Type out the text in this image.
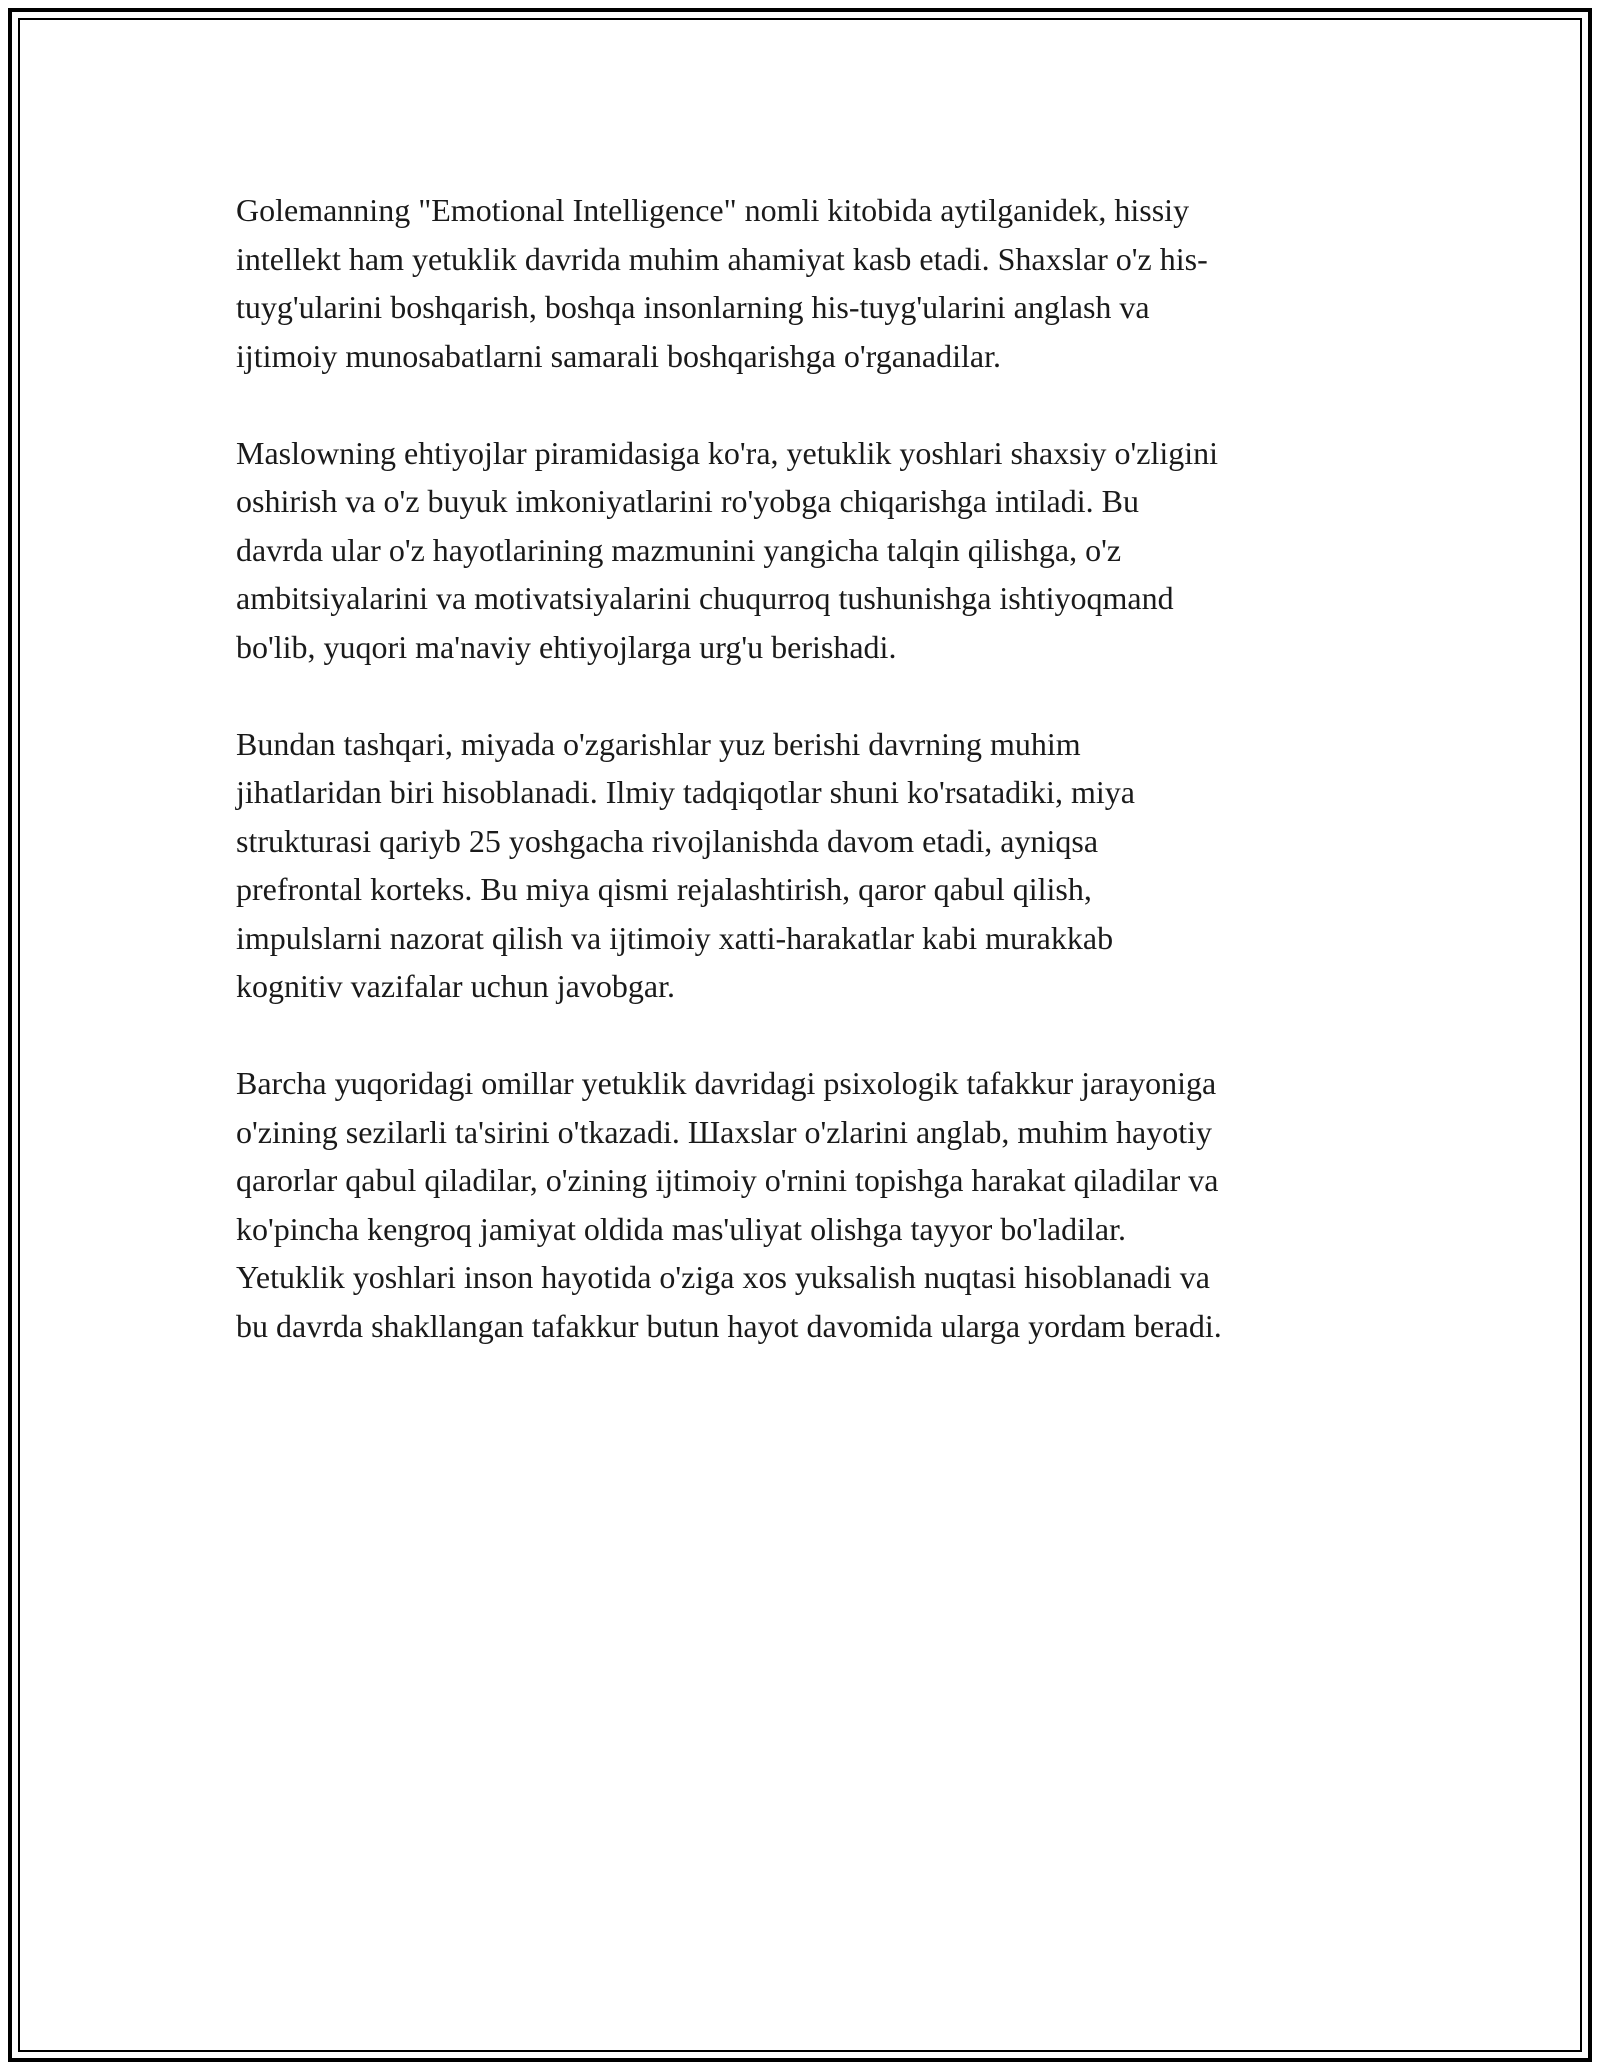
Golemanning "Emotional Intelligence" nomli kitobida aytilganidek, hissiy
intellekt ham yetuklik davrida muhim ahamiyat kasb etadi. Shaxslar o'z his-
tuyg'ularini boshqarish, boshqa insonlarning his-tuyg'ularini anglash va
ijtimoiy munosabatlarni samarali boshqarishga o'rganadilar.

Maslowning ehtiyojlar piramidasiga ko'ra, yetuklik yoshlari shaxsiy o'zligini
oshirish va o'z buyuk imkoniyatlarini ro'yobga chiqarishga intiladi. Bu
davrda ular o'z hayotlarining mazmunini yangicha talqin qilishga, o'z
ambitsiyalarini va motivatsiyalarini chuqurroq tushunishga ishtiyoqmand
bo'lib, yuqori ma'naviy ehtiyojlarga urg'u berishadi.

Bundan tashqari, miyada o'zgarishlar yuz berishi davrning muhim
jihatlaridan biri hisoblanadi. Ilmiy tadqiqotlar shuni ko'rsatadiki, miya
strukturasi qariyb 25 yoshgacha rivojlanishda davom etadi, ayniqsa
prefrontal korteks. Bu miya qismi rejalashtirish, qaror qabul qilish,
impulslarni nazorat qilish va ijtimoiy xatti-harakatlar kabi murakkab
kognitiv vazifalar uchun javobgar.

Barcha yuqoridagi omillar yetuklik davridagi psixologik tafakkur jarayoniga
o'zining sezilarli ta'sirini o'tkazadi. Шaxslar o'zlarini anglab, muhim hayotiy
qarorlar qabul qiladilar, o'zining ijtimoiy o'rnini topishga harakat qiladilar va
ko'pincha kengroq jamiyat oldida mas'uliyat olishga tayyor bo'ladilar.
Yetuklik yoshlari inson hayotida o'ziga xos yuksalish nuqtasi hisoblanadi va
bu davrda shakllangan tafakkur butun hayot davomida ularga yordam beradi.
